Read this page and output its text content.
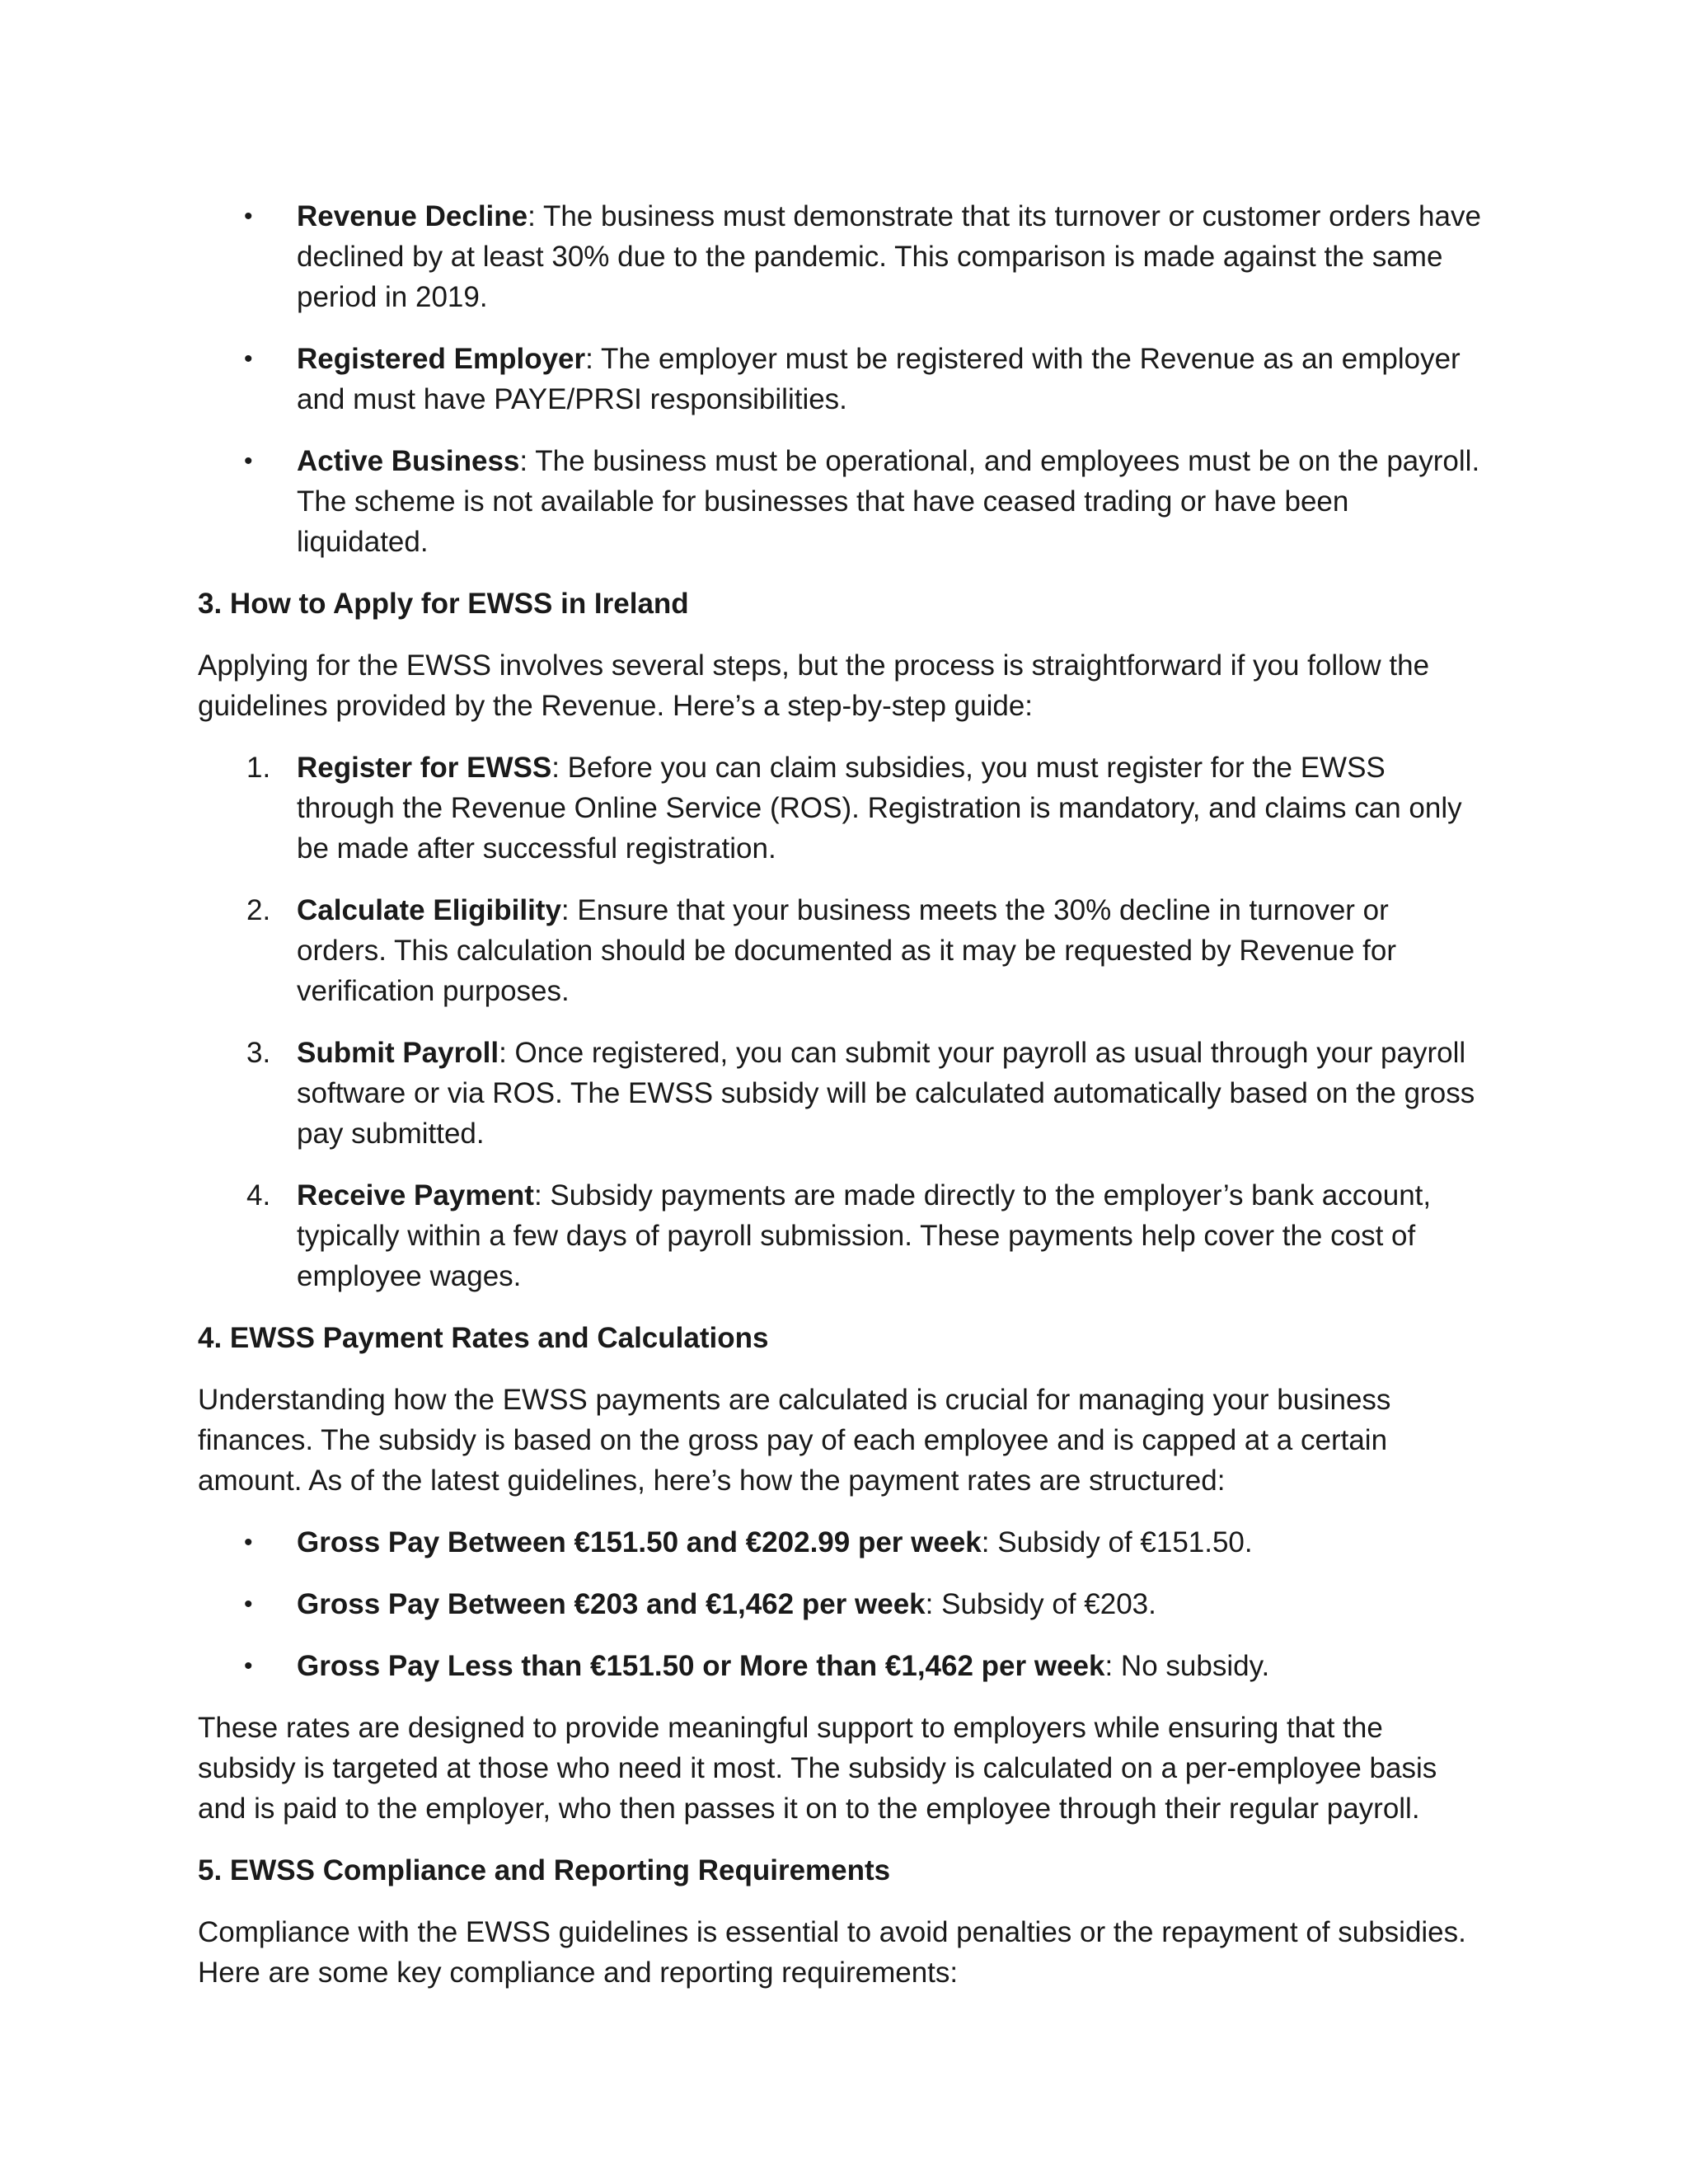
•	Revenue Decline: The business must demonstrate that its turnover or customer orders have declined by at least 30% due to the pandemic. This comparison is made against the same period in 2019.
•	Registered Employer: The employer must be registered with the Revenue as an employer and must have PAYE/PRSI responsibilities.
•	Active Business: The business must be operational, and employees must be on the payroll. The scheme is not available for businesses that have ceased trading or have been liquidated.

3. How to Apply for EWSS in Ireland

Applying for the EWSS involves several steps, but the process is straightforward if you follow the guidelines provided by the Revenue. Here’s a step-by-step guide:

1. Register for EWSS: Before you can claim subsidies, you must register for the EWSS through the Revenue Online Service (ROS). Registration is mandatory, and claims can only be made after successful registration.
2. Calculate Eligibility: Ensure that your business meets the 30% decline in turnover or orders. This calculation should be documented as it may be requested by Revenue for verification purposes.
3. Submit Payroll: Once registered, you can submit your payroll as usual through your payroll software or via ROS. The EWSS subsidy will be calculated automatically based on the gross pay submitted.
4. Receive Payment: Subsidy payments are made directly to the employer’s bank account, typically within a few days of payroll submission. These payments help cover the cost of employee wages.

4. EWSS Payment Rates and Calculations

Understanding how the EWSS payments are calculated is crucial for managing your business finances. The subsidy is based on the gross pay of each employee and is capped at a certain amount. As of the latest guidelines, here’s how the payment rates are structured:

•	Gross Pay Between €151.50 and €202.99 per week: Subsidy of €151.50.
•	Gross Pay Between €203 and €1,462 per week: Subsidy of €203.
•	Gross Pay Less than €151.50 or More than €1,462 per week: No subsidy.

These rates are designed to provide meaningful support to employers while ensuring that the subsidy is targeted at those who need it most. The subsidy is calculated on a per-employee basis and is paid to the employer, who then passes it on to the employee through their regular payroll.

5. EWSS Compliance and Reporting Requirements

Compliance with the EWSS guidelines is essential to avoid penalties or the repayment of subsidies. Here are some key compliance and reporting requirements:
